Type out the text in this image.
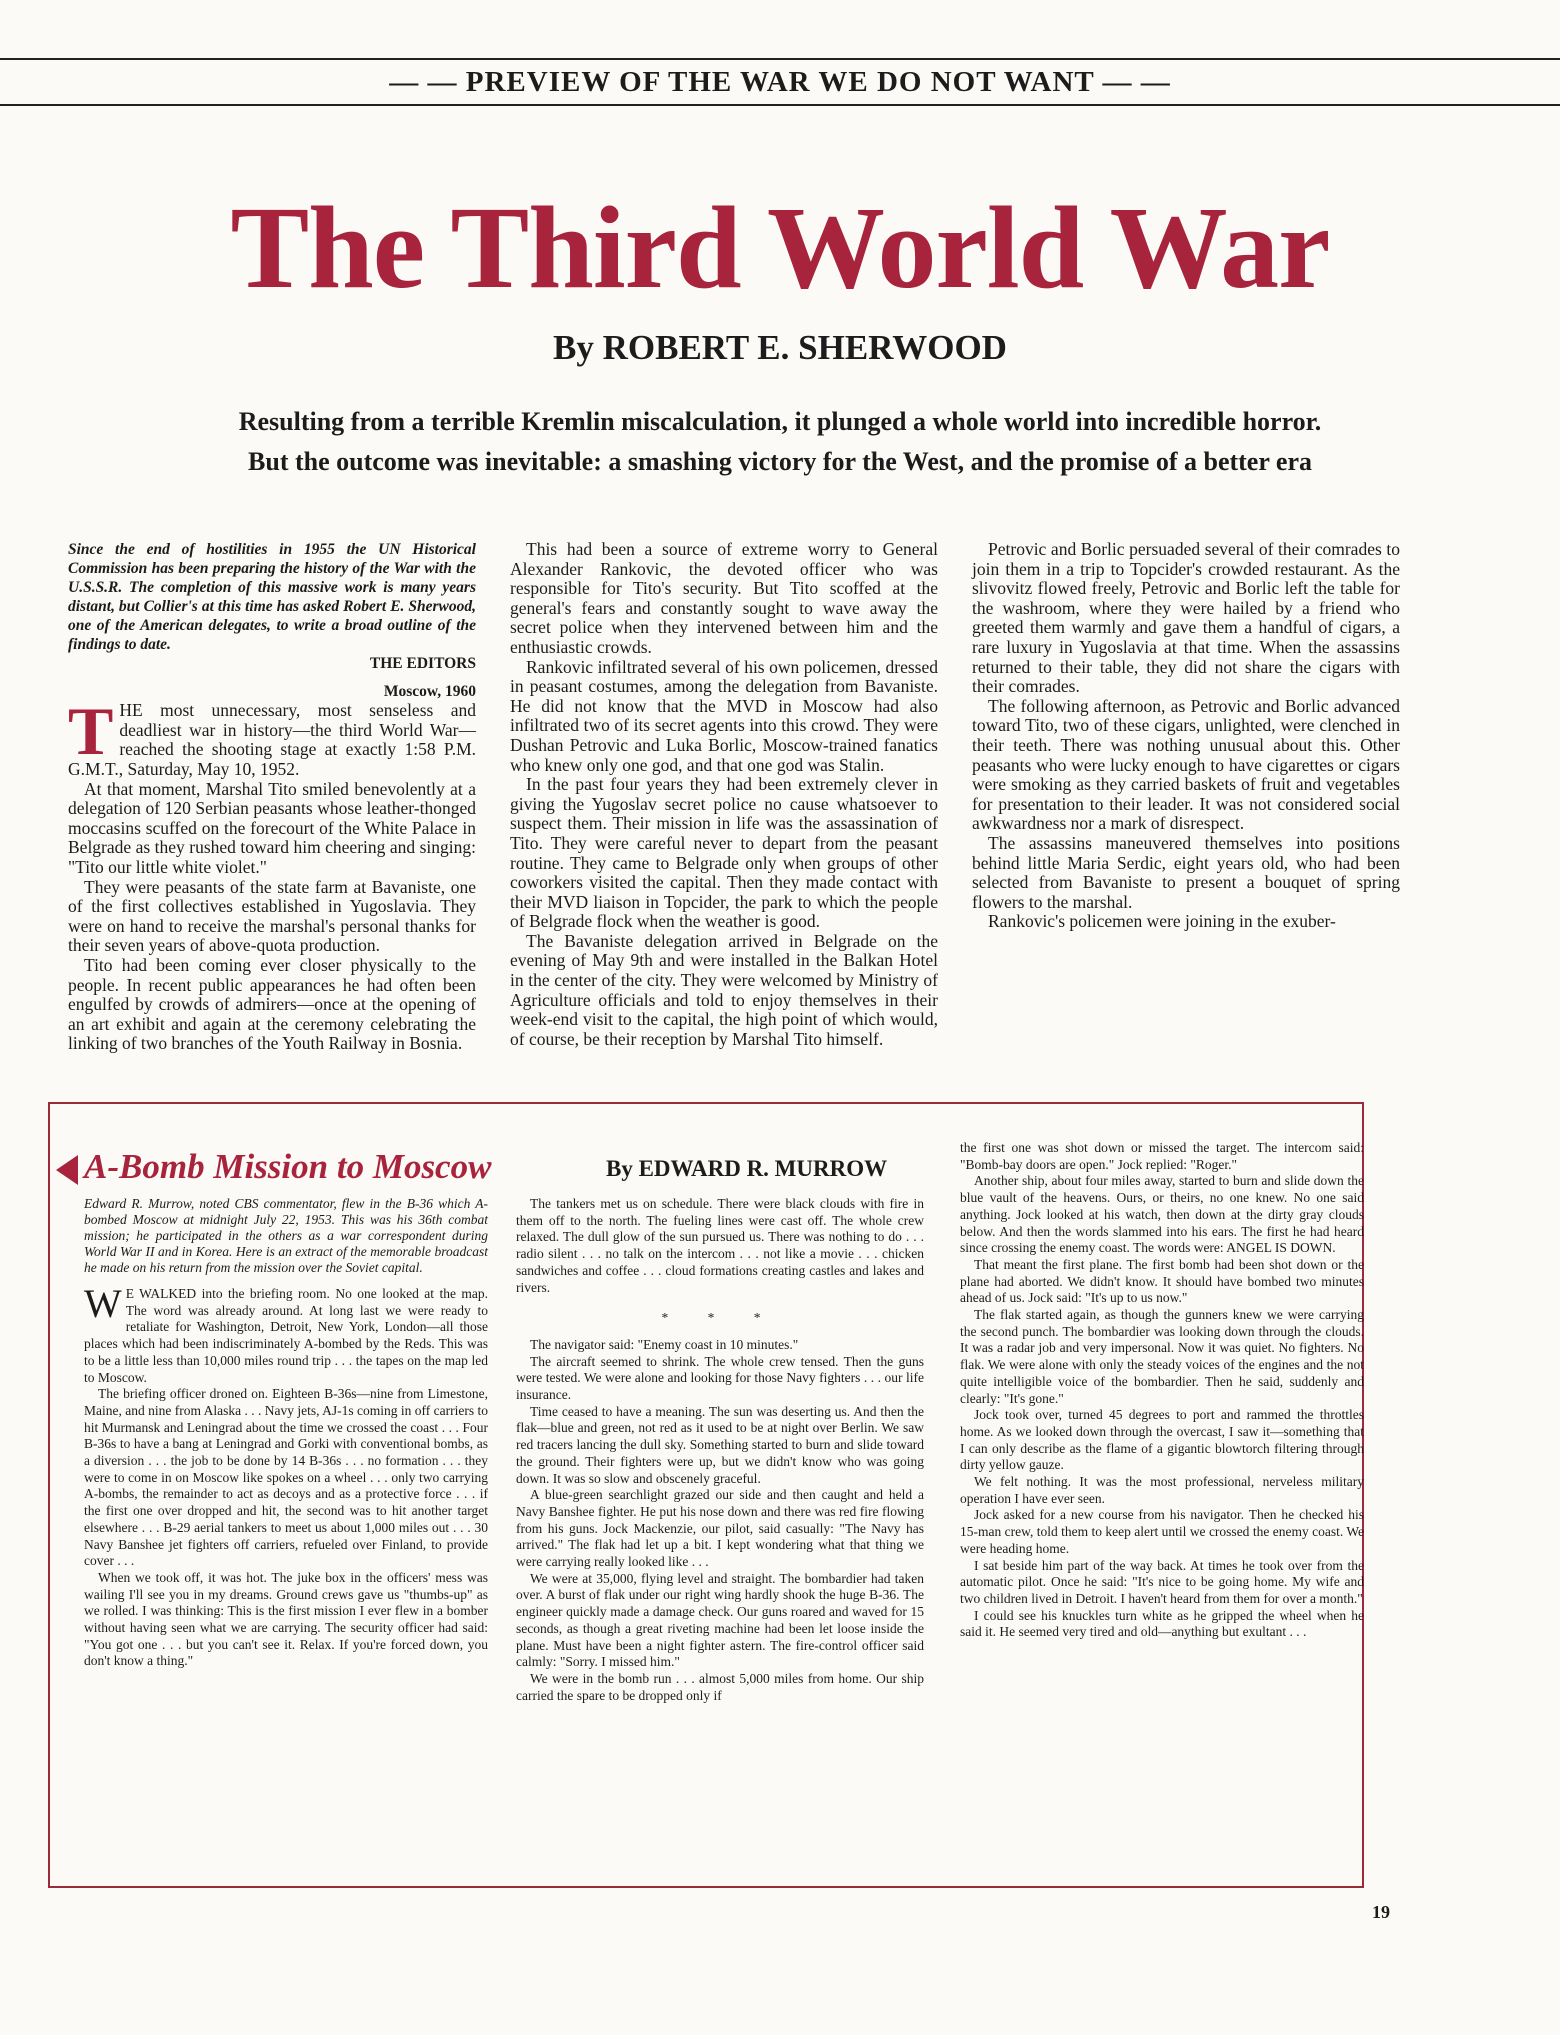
— — PREVIEW OF THE WAR WE DO NOT WANT — —
The Third World War
By ROBERT E. SHERWOOD
Resulting from a terrible Kremlin miscalculation, it plunged a whole world into incredible horror.
But the outcome was inevitable: a smashing victory for the West, and the promise of a better era

Since the end of hostilities in 1955 the UN Historical Commission has been preparing the history of the War with the U.S.S.R. The completion of this massive work is many years distant, but Collier's at this time has asked Robert E. Sherwood, one of the American delegates, to write a broad outline of the findings to date.

THE EDITORS

Moscow, 1960

THE most unnecessary, most senseless and deadliest war in history—the third World War—reached the shooting stage at exactly 1:58 P.M. G.M.T., Saturday, May 10, 1952.

At that moment, Marshal Tito smiled benevolently at a delegation of 120 Serbian peasants whose leather-thonged moccasins scuffed on the forecourt of the White Palace in Belgrade as they rushed toward him cheering and singing: "Tito our little white violet."

They were peasants of the state farm at Bavaniste, one of the first collectives established in Yugoslavia. They were on hand to receive the marshal's personal thanks for their seven years of above-quota production.

Tito had been coming ever closer physically to the people. In recent public appearances he had often been engulfed by crowds of admirers—once at the opening of an art exhibit and again at the ceremony celebrating the linking of two branches of the Youth Railway in Bosnia.

This had been a source of extreme worry to General Alexander Rankovic, the devoted officer who was responsible for Tito's security. But Tito scoffed at the general's fears and constantly sought to wave away the secret police when they intervened between him and the enthusiastic crowds.

Rankovic infiltrated several of his own policemen, dressed in peasant costumes, among the delegation from Bavaniste. He did not know that the MVD in Moscow had also infiltrated two of its secret agents into this crowd. They were Dushan Petrovic and Luka Borlic, Moscow-trained fanatics who knew only one god, and that one god was Stalin.

In the past four years they had been extremely clever in giving the Yugoslav secret police no cause whatsoever to suspect them. Their mission in life was the assassination of Tito. They were careful never to depart from the peasant routine. They came to Belgrade only when groups of other coworkers visited the capital. Then they made contact with their MVD liaison in Topcider, the park to which the people of Belgrade flock when the weather is good.

The Bavaniste delegation arrived in Belgrade on the evening of May 9th and were installed in the Balkan Hotel in the center of the city. They were welcomed by Ministry of Agriculture officials and told to enjoy themselves in their week-end visit to the capital, the high point of which would, of course, be their reception by Marshal Tito himself.

Petrovic and Borlic persuaded several of their comrades to join them in a trip to Topcider's crowded restaurant. As the slivovitz flowed freely, Petrovic and Borlic left the table for the washroom, where they were hailed by a friend who greeted them warmly and gave them a handful of cigars, a rare luxury in Yugoslavia at that time. When the assassins returned to their table, they did not share the cigars with their comrades.

The following afternoon, as Petrovic and Borlic advanced toward Tito, two of these cigars, unlighted, were clenched in their teeth. There was nothing unusual about this. Other peasants who were lucky enough to have cigarettes or cigars were smoking as they carried baskets of fruit and vegetables for presentation to their leader. It was not considered social awkwardness nor a mark of disrespect.

The assassins maneuvered themselves into positions behind little Maria Serdic, eight years old, who had been selected from Bavaniste to present a bouquet of spring flowers to the marshal.

Rankovic's policemen were joining in the exuber-

A-Bomb Mission to Moscow	By EDWARD R. MURROW

Edward R. Murrow, noted CBS commentator, flew in the B-36 which A-bombed Moscow at midnight July 22, 1953. This was his 36th combat mission; he participated in the others as a war correspondent during World War II and in Korea. Here is an extract of the memorable broadcast he made on his return from the mission over the Soviet capital.

W E WALKED into the briefing room. No one looked at the map. The word was already around. At long last we were ready to retaliate for Washington, Detroit, New York, London—all those places which had been indiscriminately A-bombed by the Reds. This was to be a little less than 10,000 miles round trip . . . the tapes on the map led to Moscow.

The briefing officer droned on. Eighteen B-36s—nine from Limestone, Maine, and nine from Alaska . . . Navy jets, AJ-1s coming in off carriers to hit Murmansk and Leningrad about the time we crossed the coast . . . Four B-36s to have a bang at Leningrad and Gorki with conventional bombs, as a diversion . . . the job to be done by 14 B-36s . . . no formation . . . they were to come in on Moscow like spokes on a wheel . . . only two carrying A-bombs, the remainder to act as decoys and as a protective force . . . if the first one over dropped and hit, the second was to hit another target elsewhere . . . B-29 aerial tankers to meet us about 1,000 miles out . . . 30 Navy Banshee jet fighters off carriers, refueled over Finland, to provide cover . . .

When we took off, it was hot. The juke box in the officers' mess was wailing I'll see you in my dreams. Ground crews gave us "thumbs-up" as we rolled. I was thinking: This is the first mission I ever flew in a bomber without having seen what we are carrying. The security officer had said: "You got one . . . but you can't see it. Relax. If you're forced down, you don't know a thing."

The tankers met us on schedule. There were black clouds with fire in them off to the north. The fueling lines were cast off. The whole crew relaxed. The dull glow of the sun pursued us. There was nothing to do . . . radio silent . . . no talk on the intercom . . . not like a movie . . . chicken sandwiches and coffee . . . cloud formations creating castles and lakes and rivers.

* * *

The navigator said: "Enemy coast in 10 minutes."

The aircraft seemed to shrink. The whole crew tensed. Then the guns were tested. We were alone and looking for those Navy fighters . . . our life insurance.

Time ceased to have a meaning. The sun was deserting us. And then the flak—blue and green, not red as it used to be at night over Berlin. We saw red tracers lancing the dull sky. Something started to burn and slide toward the ground. Their fighters were up, but we didn't know who was going down. It was so slow and obscenely graceful.

A blue-green searchlight grazed our side and then caught and held a Navy Banshee fighter. He put his nose down and there was red fire flowing from his guns. Jock Mackenzie, our pilot, said casually: "The Navy has arrived." The flak had let up a bit. I kept wondering what that thing we were carrying really looked like . . .

We were at 35,000, flying level and straight. The bombardier had taken over. A burst of flak under our right wing hardly shook the huge B-36. The engineer quickly made a damage check. Our guns roared and waved for 15 seconds, as though a great riveting machine had been let loose inside the plane. Must have been a night fighter astern. The fire-control officer said calmly: "Sorry. I missed him."

We were in the bomb run . . . almost 5,000 miles from home. Our ship carried the spare to be dropped only if

the first one was shot down or missed the target. The intercom said: "Bomb-bay doors are open." Jock replied: "Roger."

Another ship, about four miles away, started to burn and slide down the blue vault of the heavens. Ours, or theirs, no one knew. No one said anything. Jock looked at his watch, then down at the dirty gray clouds below. And then the words slammed into his ears. The first he had heard since crossing the enemy coast. The words were: ANGEL IS DOWN.

That meant the first plane. The first bomb had been shot down or the plane had aborted. We didn't know. It should have bombed two minutes ahead of us. Jock said: "It's up to us now."

The flak started again, as though the gunners knew we were carrying the second punch. The bombardier was looking down through the clouds. It was a radar job and very impersonal. Now it was quiet. No fighters. No flak. We were alone with only the steady voices of the engines and the not quite intelligible voice of the bombardier. Then he said, suddenly and clearly: "It's gone."

Jock took over, turned 45 degrees to port and rammed the throttles home. As we looked down through the overcast, I saw it—something that I can only describe as the flame of a gigantic blowtorch filtering through dirty yellow gauze.

We felt nothing. It was the most professional, nerveless military operation I have ever seen.

Jock asked for a new course from his navigator. Then he checked his 15-man crew, told them to keep alert until we crossed the enemy coast. We were heading home.

I sat beside him part of the way back. At times he took over from the automatic pilot. Once he said: "It's nice to be going home. My wife and two children lived in Detroit. I haven't heard from them for over a month."

I could see his knuckles turn white as he gripped the wheel when he said it. He seemed very tired and old—anything but exultant . . .

19
